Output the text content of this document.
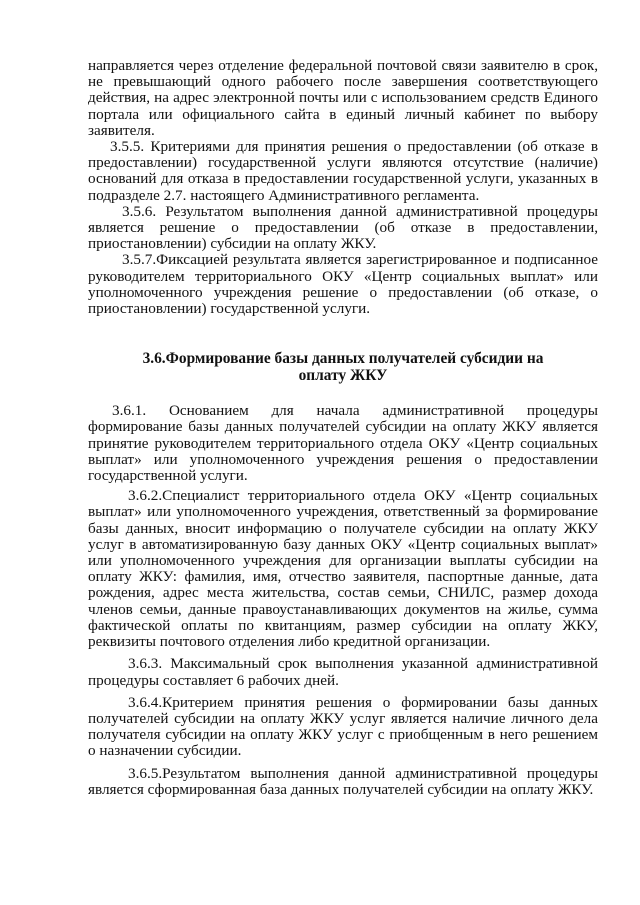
направляется через отделение федеральной почтовой связи заявителю в срок, не превышающий одного рабочего после завершения соответствующего действия, на адрес электронной почты или с использованием средств Единого портала или официального сайта в единый личный кабинет по выбору заявителя.

3.5.5. Критериями для принятия решения о предоставлении (об отказе в предоставлении) государственной услуги являются отсутствие (наличие) оснований для отказа в предоставлении государственной услуги, указанных в подразделе 2.7. настоящего Административного регламента.

3.5.6. Результатом выполнения данной административной процедуры является решение о предоставлении (об отказе в предоставлении, приостановлении) субсидии на оплату ЖКУ.

3.5.7.Фиксацией результата является зарегистрированное и подписанное руководителем территориального ОКУ «Центр социальных выплат» или уполномоченного учреждения решение о предоставлении (об отказе, о приостановлении) государственной услуги.

3.6.Формирование базы данных получателей субсидии на оплату ЖКУ

3.6.1. Основанием для начала административной процедуры формирование базы данных получателей субсидии на оплату ЖКУ является принятие руководителем территориального отдела ОКУ «Центр социальных выплат» или уполномоченного учреждения решения о предоставлении государственной услуги.

3.6.2.Специалист территориального отдела ОКУ «Центр социальных выплат» или уполномоченного учреждения, ответственный за формирование базы данных, вносит информацию о получателе субсидии на оплату ЖКУ услуг в автоматизированную базу данных ОКУ «Центр социальных выплат» или уполномоченного учреждения для организации выплаты субсидии на оплату ЖКУ: фамилия, имя, отчество заявителя, паспортные данные, дата рождения, адрес места жительства, состав семьи, СНИЛС, размер дохода членов семьи, данные правоустанавливающих документов на жилье, сумма фактической оплаты по квитанциям, размер субсидии на оплату ЖКУ, реквизиты почтового отделения либо кредитной организации.

3.6.3. Максимальный срок выполнения указанной административной процедуры составляет 6 рабочих дней.

3.6.4.Критерием принятия решения о формировании базы данных получателей субсидии на оплату ЖКУ услуг является наличие личного дела получателя субсидии на оплату ЖКУ услуг с приобщенным в него решением о назначении субсидии.

3.6.5.Результатом выполнения данной административной процедуры является сформированная база данных получателей субсидии на оплату ЖКУ.
